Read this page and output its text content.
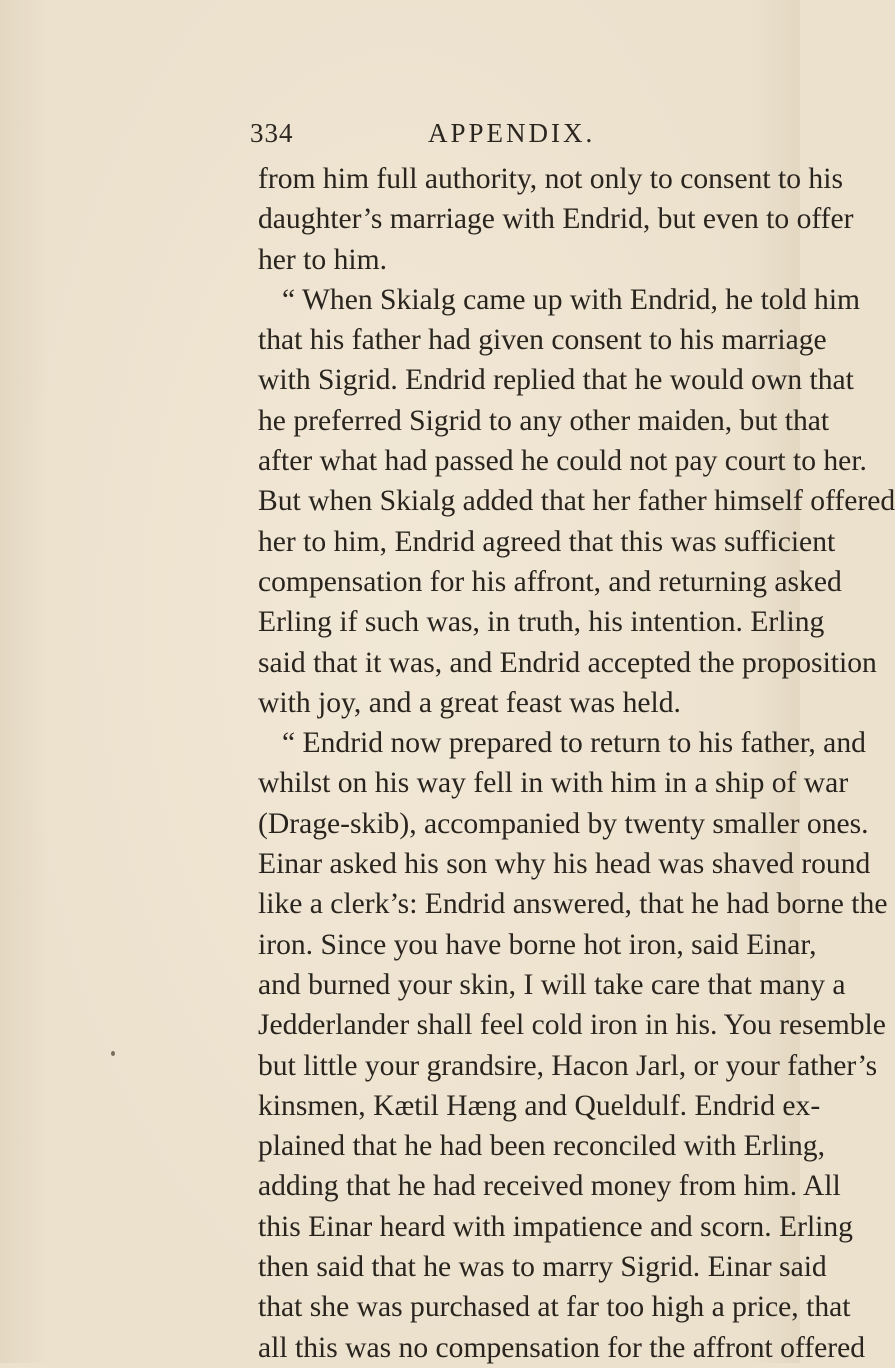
334	APPENDIX.
from him full authority, not only to consent to his
daughter’s marriage with Endrid, but even to offer
her to him.
“ When Skialg came up with Endrid, he told him
that his father had given consent to his marriage
with Sigrid. Endrid replied that he would own that
he preferred Sigrid to any other maiden, but that
after what had passed he could not pay court to her.
But when Skialg added that her father himself offered
her to him, Endrid agreed that this was sufficient
compensation for his affront, and returning asked
Erling if such was, in truth, his intention. Erling
said that it was, and Endrid accepted the proposition
with joy, and a great feast was held.
“ Endrid now prepared to return to his father, and
whilst on his way fell in with him in a ship of war
(Drage-skib), accompanied by twenty smaller ones.
Einar asked his son why his head was shaved round
like a clerk’s: Endrid answered, that he had borne the
iron. Since you have borne hot iron, said Einar,
and burned your skin, I will take care that many a
Jedderlander shall feel cold iron in his. You resemble
but little your grandsire, Hacon Jarl, or your father’s
kinsmen, Kætil Hæng and Queldulf. Endrid ex-
plained that he had been reconciled with Erling,
adding that he had received money from him. All
this Einar heard with impatience and scorn. Erling
then said that he was to marry Sigrid. Einar said
that she was purchased at far too high a price, that
all this was no compensation for the affront offered
